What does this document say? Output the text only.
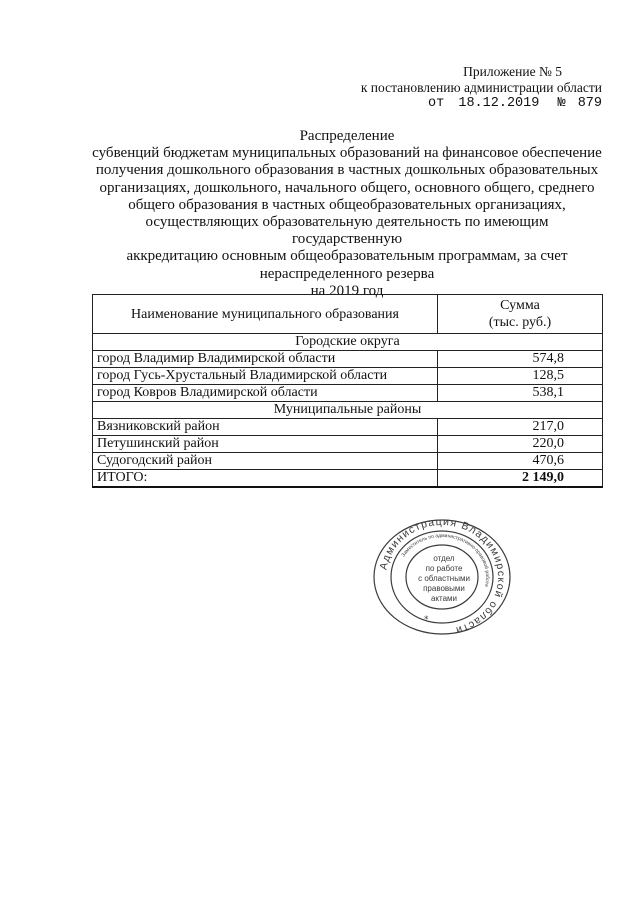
Приложение № 5
к постановлению администрации области
от 18.12.2019 № 879
Распределение
субвенций бюджетам муниципальных образований на финансовое обеспечение
получения дошкольного образования в частных дошкольных образовательных
организациях, дошкольного, начального общего, основного общего, среднего
общего образования в частных общеобразовательных организациях,
осуществляющих образовательную деятельность по имеющим государственную
аккредитацию основным общеобразовательным программам, за счет
нераспределенного резерва
на 2019 год
Наименование муниципального образования	Сумма
(тыс. руб.)

Городские округа	
город Владимир Владимирской области	574,8
город Гусь-Хрустальный Владимирской области	128,5
город Ковров Владимирской области	538,1
Муниципальные районы	
Вязниковский район	217,0
Петушинский район	220,0
Судогодский район	470,6
ИТОГО:	2 149,0
Администрация Владимирской области
Заместитель по административно-правовой работе
отдел
по работе
с областными
правовыми
актами
*
